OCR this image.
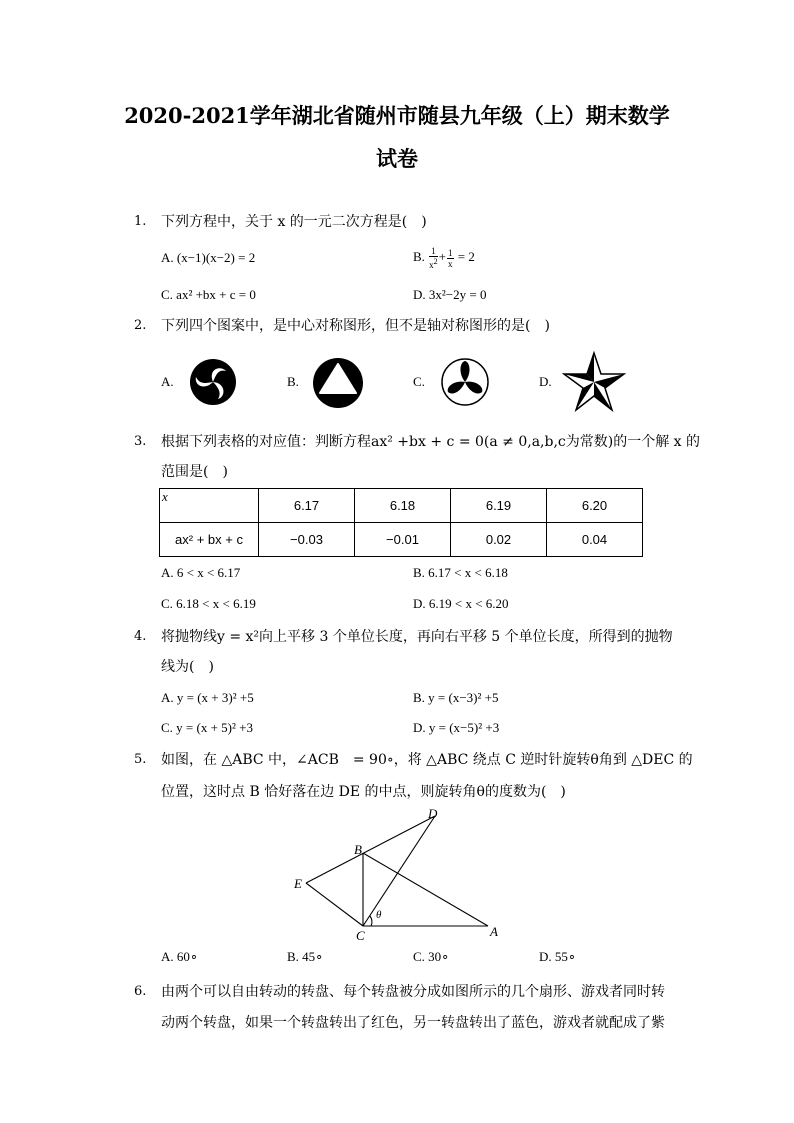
2020-2021学年湖北省随州市随县九年级（上）期末数学
试卷
1. 下列方程中，关于 x 的一元二次方程是(　)
A. (x−1)(x−2) = 2	B. $\frac{1}{x^2} + \frac{1}{x} = 2$
C. ax² +bx + c = 0	D. 3x²−2y = 0
2. 下列四个图案中，是中心对称图形，但不是轴对称图形的是(　)
A.	B.	C.	D.
3. 根据下列表格的对应值：判断方程ax² +bx + c = 0(a ≠ 0,a,b,c为常数)的一个解 x 的
范围是(　)
x	6.17	6.18	6.19	6.20
ax² + bx + c	−0.03	−0.01	0.02	0.04
A. 6 < x < 6.17	B. 6.17 < x < 6.18
C. 6.18 < x < 6.19	D. 6.19 < x < 6.20
4. 将抛物线y = x²向上平移 3 个单位长度，再向右平移 5 个单位长度，所得到的抛物
线为(　)
A. y = (x + 3)² +5	B. y = (x−3)² +5
C. y = (x + 5)² +3	D. y = (x−5)² +3
5. 如图，在 △ABC 中，∠ACB　= 90∘，将 △ABC 绕点 C 逆时针旋转θ角到 △DEC 的
位置，这时点 B 恰好落在边 DE 的中点，则旋转角θ的度数为(　)
D
B
E
C	A
θ
A. 60∘	B. 45∘	C. 30∘	D. 55∘
6. 由两个可以自由转动的转盘、每个转盘被分成如图所示的几个扇形、游戏者同时转
动两个转盘，如果一个转盘转出了红色，另一转盘转出了蓝色，游戏者就配成了紫
